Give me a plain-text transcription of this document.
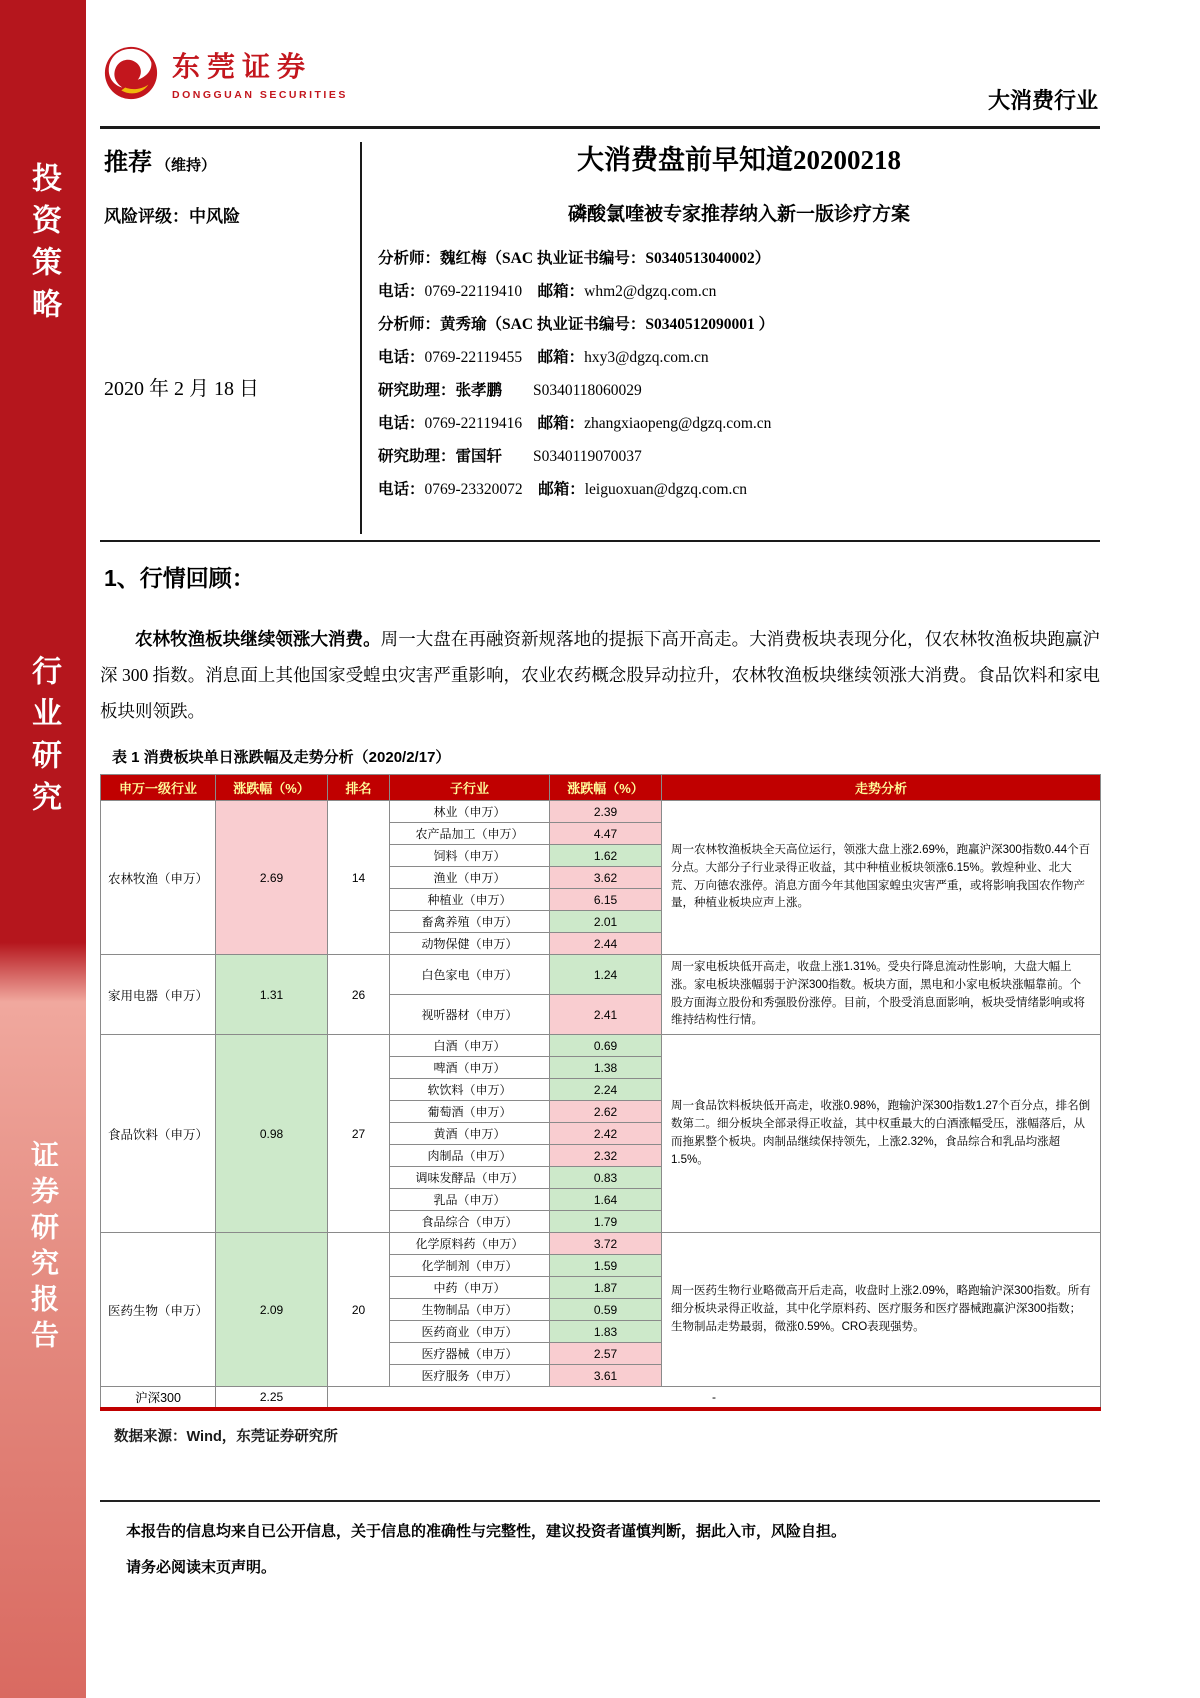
投资策略
行业研究
证券研究报告
东莞证券
DONGGUAN SECURITIES	大消费行业
推荐 （维持）
风险评级：中风险
2020 年 2 月 18 日
大消费盘前早知道20200218
磷酸氯喹被专家推荐纳入新一版诊疗方案
分析师：魏红梅（SAC 执业证书编号：S0340513040002）
电话：0769-22119410　邮箱：whm2@dgzq.com.cn
分析师：黄秀瑜（SAC 执业证书编号：S0340512090001 ）
电话：0769-22119455　邮箱：hxy3@dgzq.com.cn
研究助理：张孝鹏　　S0340118060029
电话：0769-22119416　邮箱：zhangxiaopeng@dgzq.com.cn
研究助理：雷国轩　　S0340119070037
电话：0769-23320072　邮箱：leiguoxuan@dgzq.com.cn
1、行情回顾：
农林牧渔板块继续领涨大消费。周一大盘在再融资新规落地的提振下高开高走。大消费板块表现分化，仅农林牧渔板块跑赢沪深 300 指数。消息面上其他国家受蝗虫灾害严重影响，农业农药概念股异动拉升，农林牧渔板块继续领涨大消费。食品饮料和家电板块则领跌。
表 1 消费板块单日涨跌幅及走势分析（2020/2/17）
申万一级行业	涨跌幅（%）	排名	子行业	涨跌幅（%）	走势分析
农林牧渔（申万）	2.69	14	林业（申万）	2.39	周一农林牧渔板块全天高位运行，领涨大盘上涨2.69%，跑赢沪深300指数0.44个百分点。大部分子行业录得正收益，其中种植业板块领涨6.15%。敦煌种业、北大荒、万向德农涨停。消息方面今年其他国家蝗虫灾害严重，或将影响我国农作物产量，种植业板块应声上涨。
			农产品加工（申万）	4.47	
			饲料（申万）	1.62	
			渔业（申万）	3.62	
			种植业（申万）	6.15	
			畜禽养殖（申万）	2.01	
			动物保健（申万）	2.44	
家用电器（申万）	1.31	26	白色家电（申万）	1.24	周一家电板块低开高走，收盘上涨1.31%。受央行降息流动性影响，大盘大幅上涨。家电板块涨幅弱于沪深300指数。板块方面，黑电和小家电板块涨幅靠前。个股方面海立股份和秀强股份涨停。目前，个股受消息面影响，板块受情绪影响或将维持结构性行情。
			视听器材（申万）	2.41	
食品饮料（申万）	0.98	27	白酒（申万）	0.69	周一食品饮料板块低开高走，收涨0.98%，跑输沪深300指数1.27个百分点，排名倒数第二。细分板块全部录得正收益，其中权重最大的白酒涨幅受压，涨幅落后，从而拖累整个板块。肉制品继续保持领先，上涨2.32%，食品综合和乳品均涨超1.5%。
			啤酒（申万）	1.38	
			软饮料（申万）	2.24	
			葡萄酒（申万）	2.62	
			黄酒（申万）	2.42	
			肉制品（申万）	2.32	
			调味发酵品（申万）	0.83	
			乳品（申万）	1.64	
			食品综合（申万）	1.79	
医药生物（申万）	2.09	20	化学原料药（申万）	3.72	周一医药生物行业略微高开后走高，收盘时上涨2.09%，略跑输沪深300指数。所有细分板块录得正收益，其中化学原料药、医疗服务和医疗器械跑赢沪深300指数；生物制品走势最弱，微涨0.59%。CRO表现强势。
			化学制剂（申万）	1.59	
			中药（申万）	1.87	
			生物制品（申万）	0.59	
			医药商业（申万）	1.83	
			医疗器械（申万）	2.57	
			医疗服务（申万）	3.61	
沪深300	2.25	-			
数据来源：Wind，东莞证券研究所
本报告的信息均来自已公开信息，关于信息的准确性与完整性，建议投资者谨慎判断，据此入市，风险自担。
请务必阅读末页声明。
